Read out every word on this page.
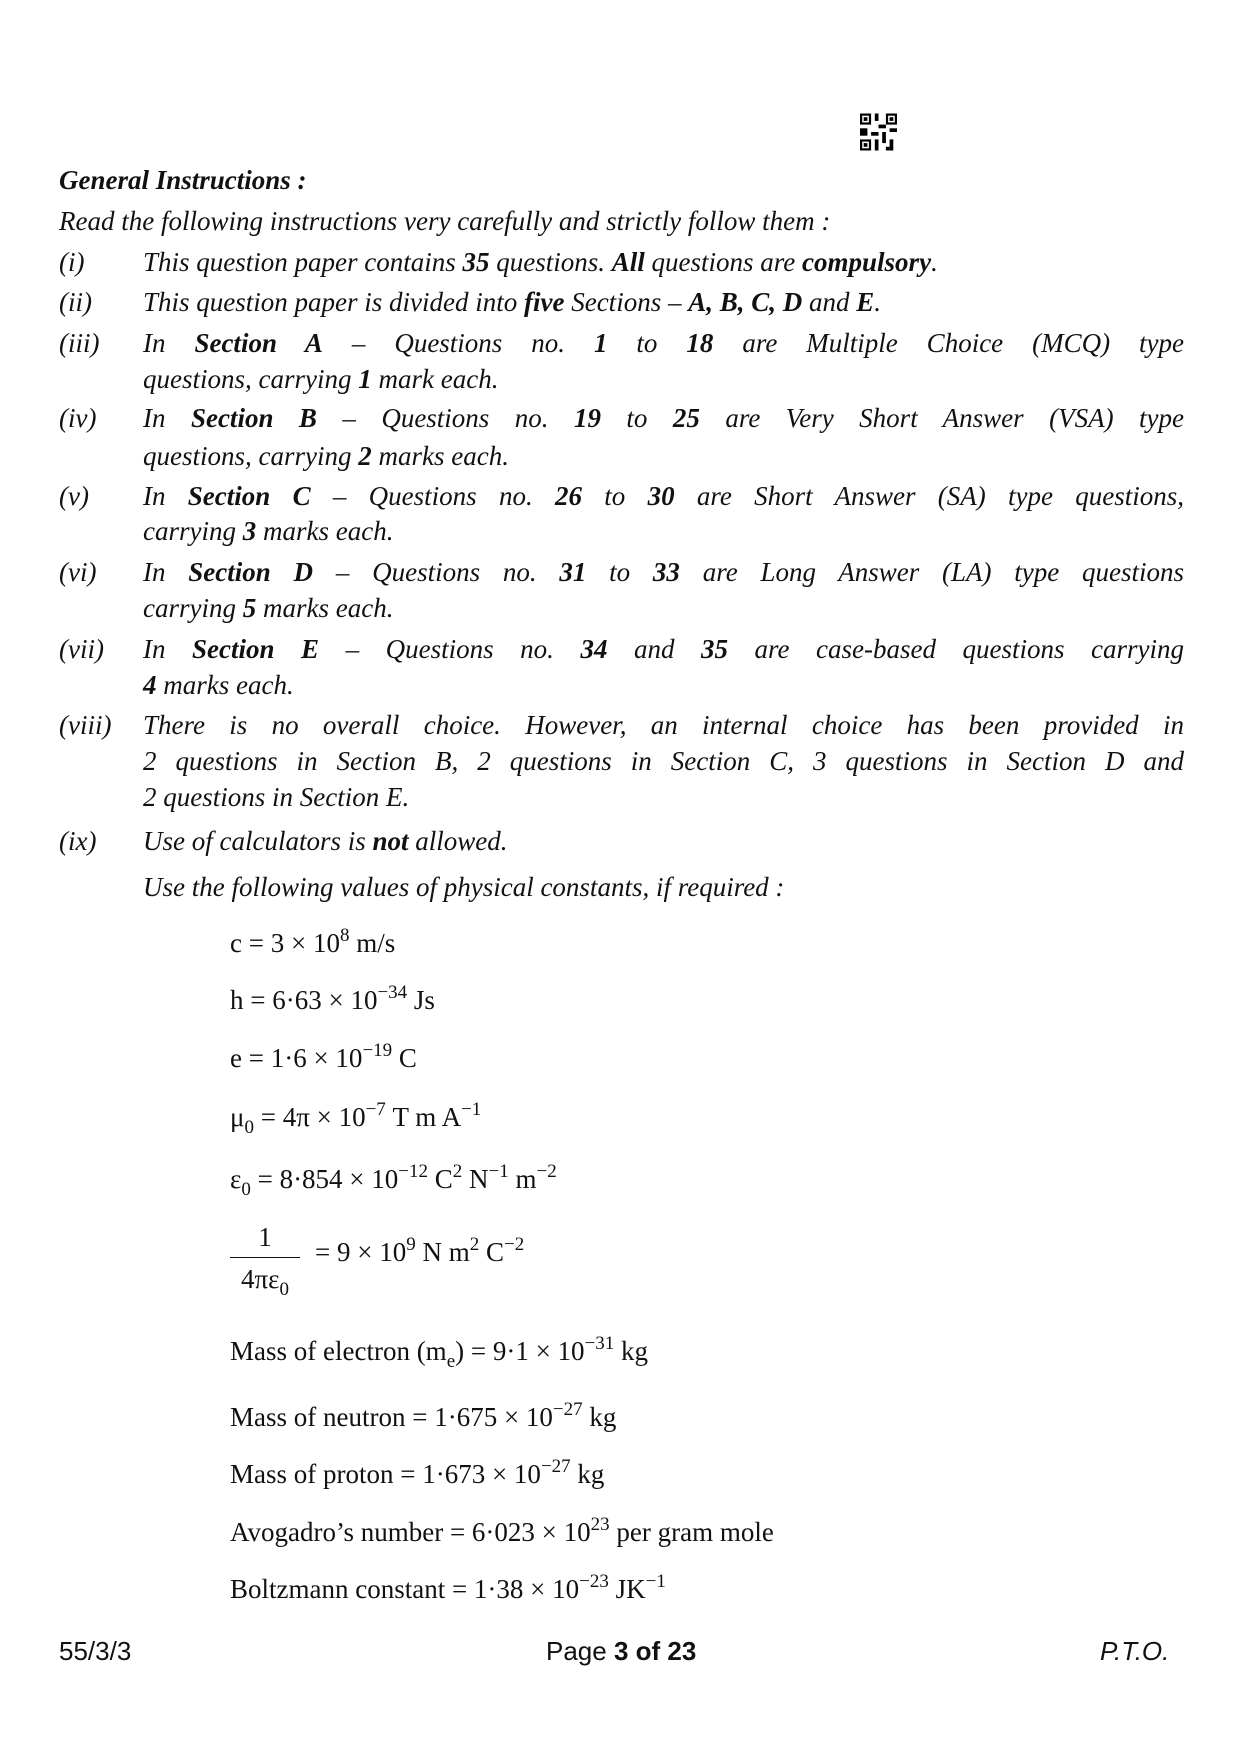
General Instructions :
Read the following instructions very carefully and strictly follow them :
(i) This question paper contains 35 questions. All questions are compulsory.
(ii) This question paper is divided into five Sections – A, B, C, D and E.
(iii) In Section A – Questions no. 1 to 18 are Multiple Choice (MCQ) type
questions, carrying 1 mark each.
(iv) In Section B – Questions no. 19 to 25 are Very Short Answer (VSA) type
questions, carrying 2 marks each.
(v) In Section C – Questions no. 26 to 30 are Short Answer (SA) type questions,
carrying 3 marks each.
(vi) In Section D – Questions no. 31 to 33 are Long Answer (LA) type questions
carrying 5 marks each.
(vii) In Section E – Questions no. 34 and 35 are case-based questions carrying
4 marks each.
(viii) There is no overall choice. However, an internal choice has been provided in
2 questions in Section B, 2 questions in Section C, 3 questions in Section D and
2 questions in Section E.
(ix) Use of calculators is not allowed.
Use the following values of physical constants, if required :
$c = 3 \times 10^8$ m/s
$h = 6\cdot 63 \times 10^{-34}$ Js
$e = 1\cdot 6 \times 10^{-19}$ C
$\mu_0 = 4\pi \times 10^{-7}$ T m $A^{-1}$
$\varepsilon_0 = 8\cdot 854 \times 10^{-12}$ $C^2$ $N^{-1}$ $m^{-2}$
= $9 \times 10^9$ N $m^2$ $C^{-2}$
Mass of electron $(m_e) = 9\cdot 1 \times 10^{-31}$ kg
Mass of neutron = $1\cdot 675 \times 10^{-27}$ kg
Mass of proton = $1\cdot 673 \times 10^{-27}$ kg
Avogadro’s number = $6\cdot 023 \times 10^{23}$ per gram mole
Boltzmann constant = $1\cdot 38 \times 10^{-23}$ $JK^{-1}$
$\frac{1}{4\pi\varepsilon_0}$
55/3/3	Page 3 of 23	P.T.O.
